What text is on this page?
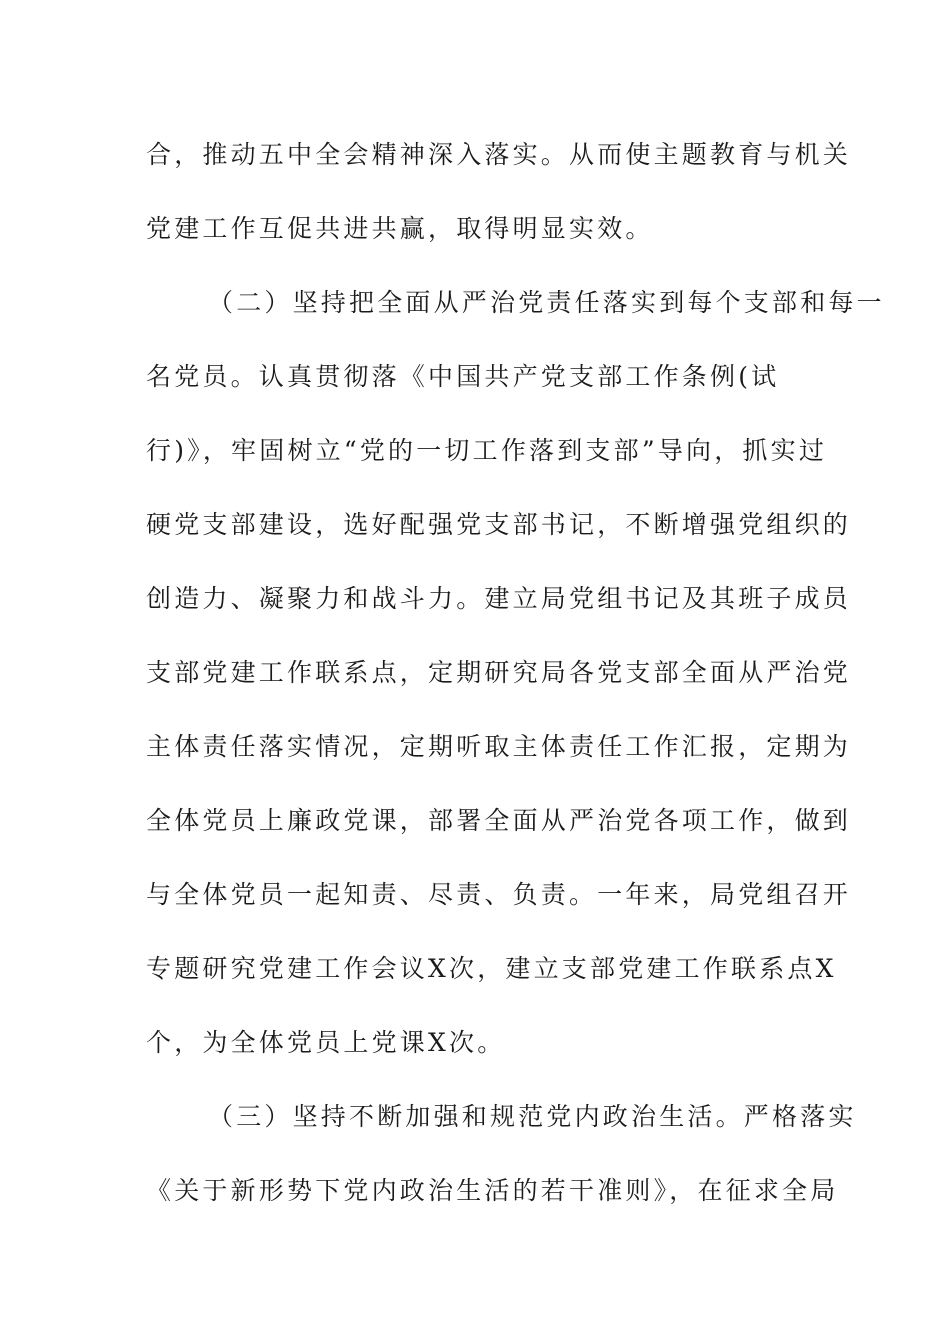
合，推动五中全会精神深入落实。从而使主题教育与机关
党建工作互促共进共赢，取得明显实效。
（二）坚持把全面从严治党责任落实到每个支部和每一
名党员。认真贯彻落《中国共产党支部工作条例(试
行)》，牢固树立“党的一切工作落到支部”导向，抓实过
硬党支部建设，选好配强党支部书记，不断增强党组织的
创造力、凝聚力和战斗力。建立局党组书记及其班子成员
支部党建工作联系点，定期研究局各党支部全面从严治党
主体责任落实情况，定期听取主体责任工作汇报，定期为
全体党员上廉政党课，部署全面从严治党各项工作，做到
与全体党员一起知责、尽责、负责。一年来，局党组召开
专题研究党建工作会议X次，建立支部党建工作联系点X
个，为全体党员上党课X次。
（三）坚持不断加强和规范党内政治生活。严格落实
《关于新形势下党内政治生活的若干准则》，在征求全局
